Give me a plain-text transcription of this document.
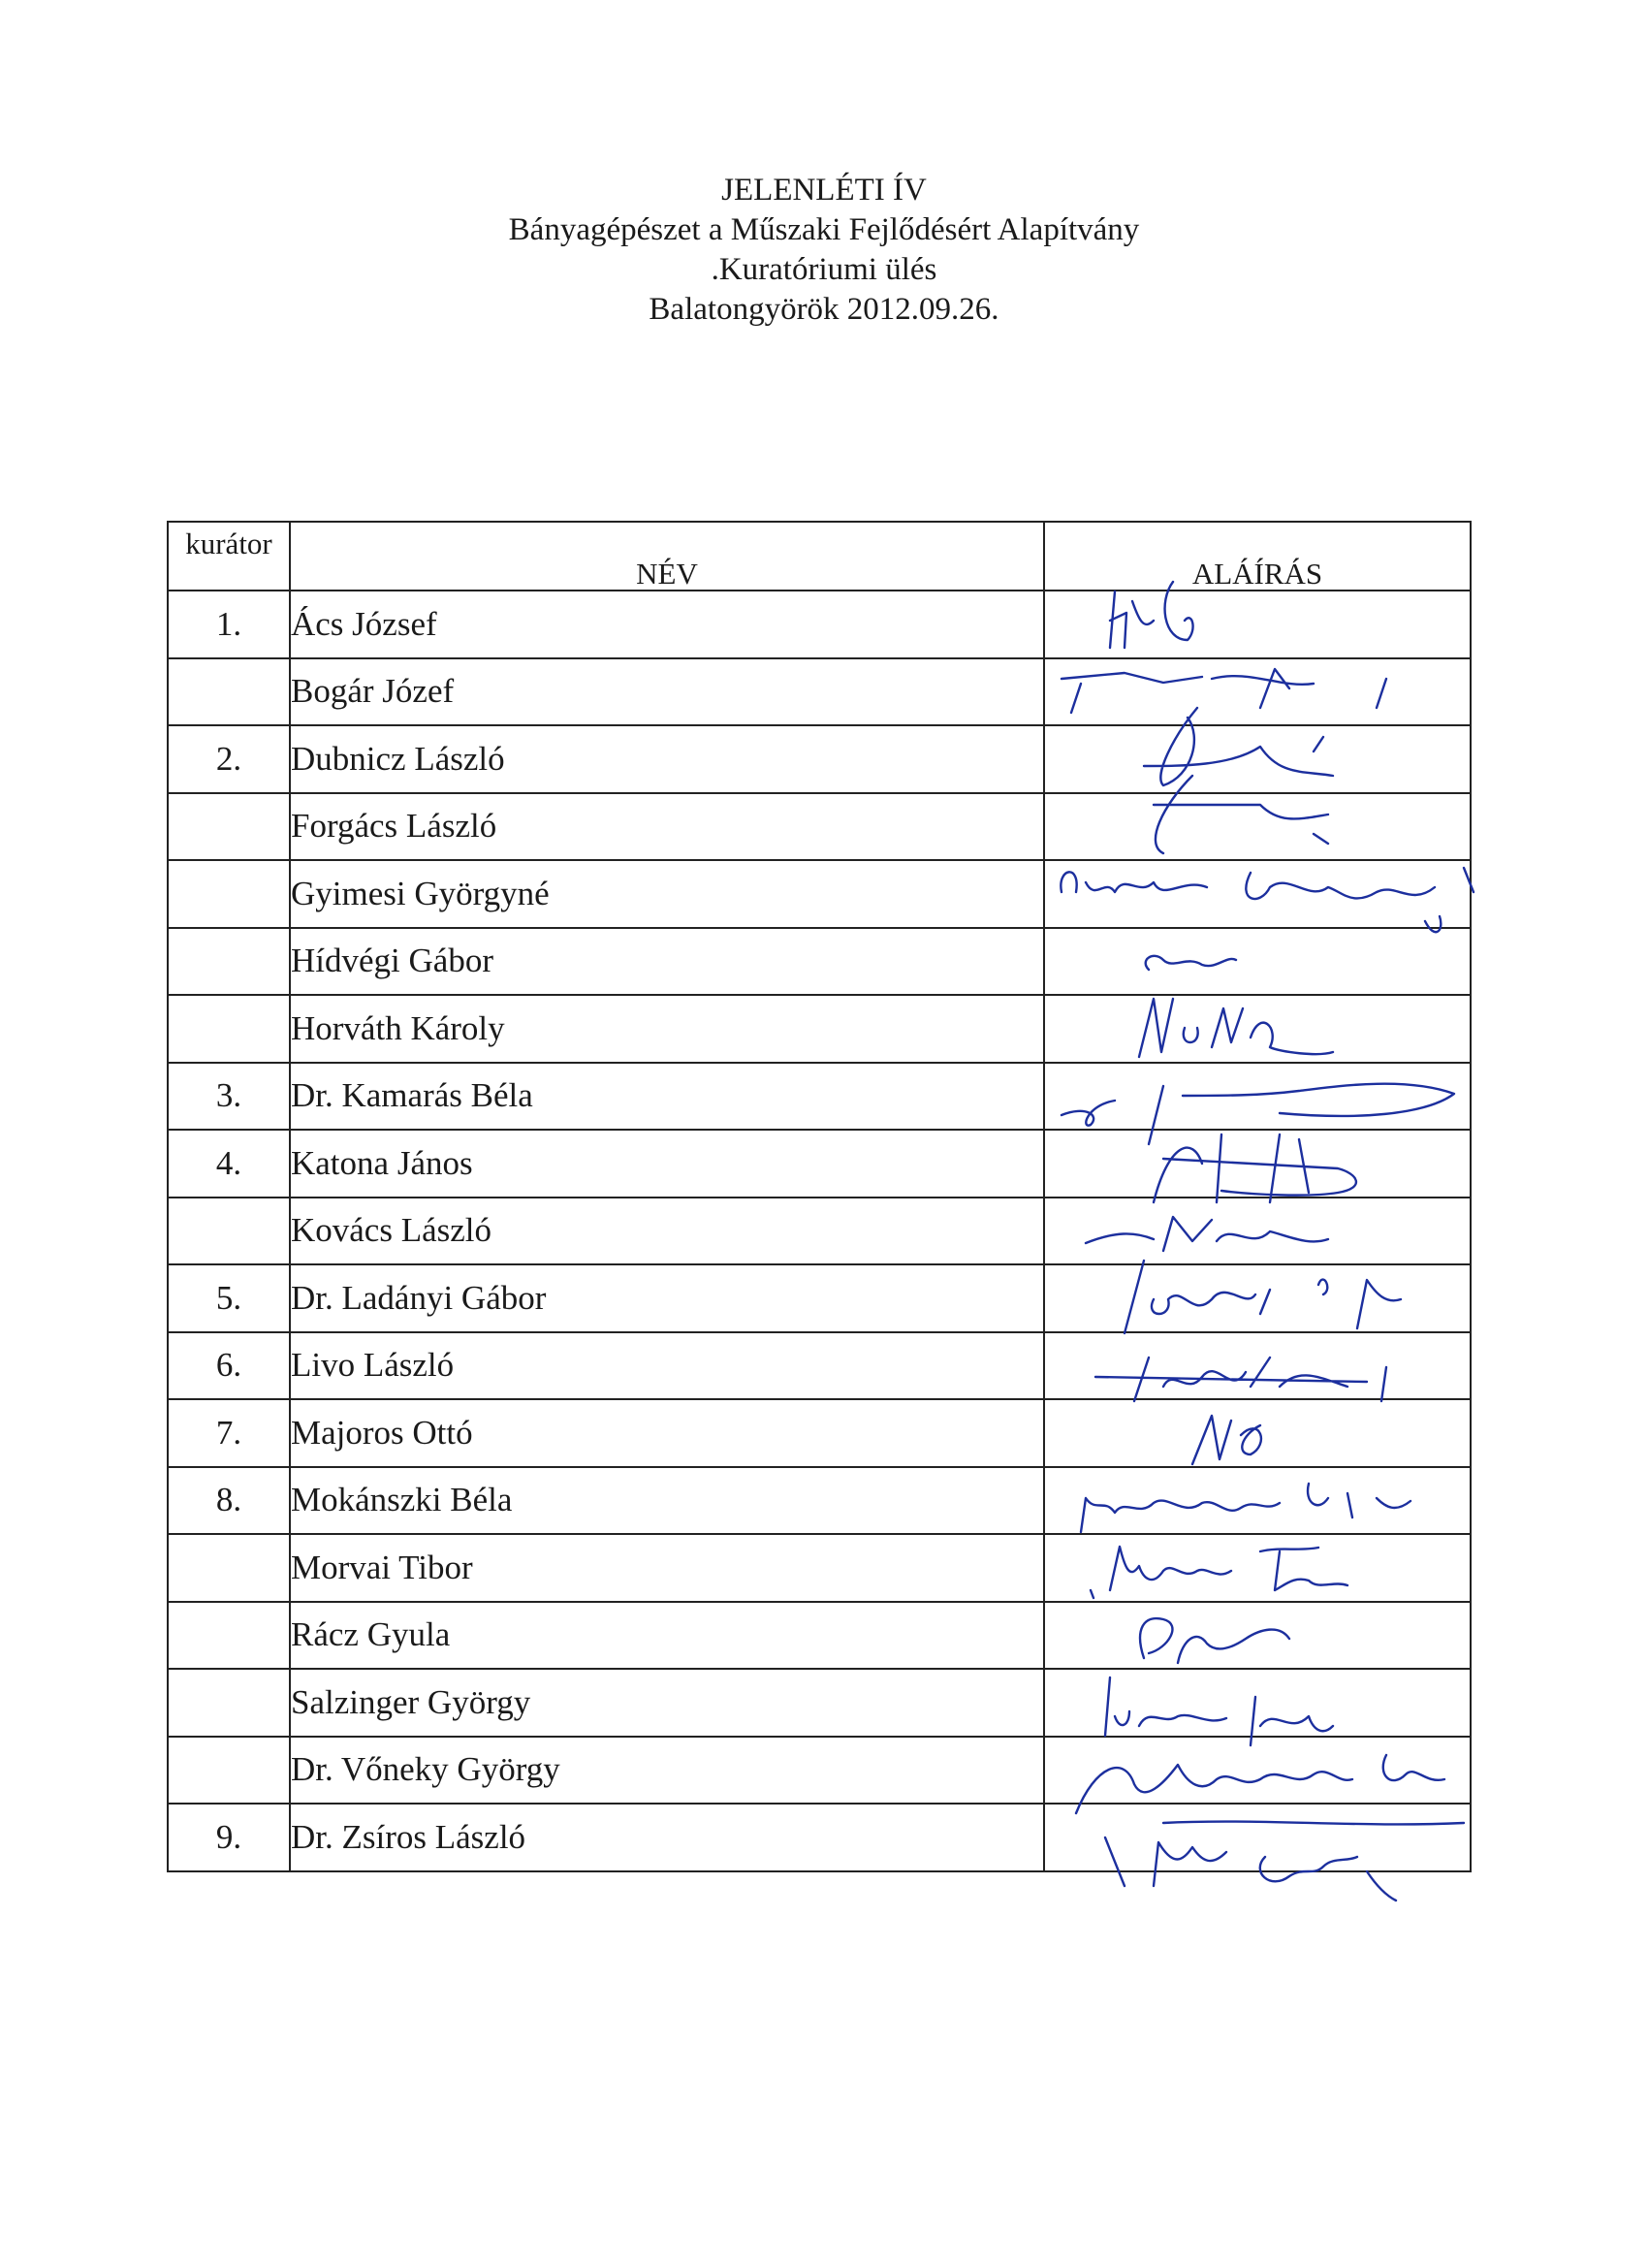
JELENLÉTI ÍV
Bányagépészet a Műszaki Fejlődésért Alapítvány
.Kuratóriumi ülés
Balatongyörök 2012.09.26.
kurátor	NÉV	ALÁÍRÁS
1.	Ács József	
	Bogár Józef	
2.	Dubnicz László	
	Forgács László	
	Gyimesi Györgyné	
	Hídvégi Gábor	
	Horváth Károly	
3.	Dr. Kamarás Béla	
4.	Katona János	
	Kovács László	
5.	Dr. Ladányi Gábor	
6.	Livo László	
7.	Majoros Ottó	
8.	Mokánszki Béla	
	Morvai Tibor	
	Rácz Gyula	
	Salzinger György	
	Dr. Vőneky György	
9.	Dr. Zsíros László	
